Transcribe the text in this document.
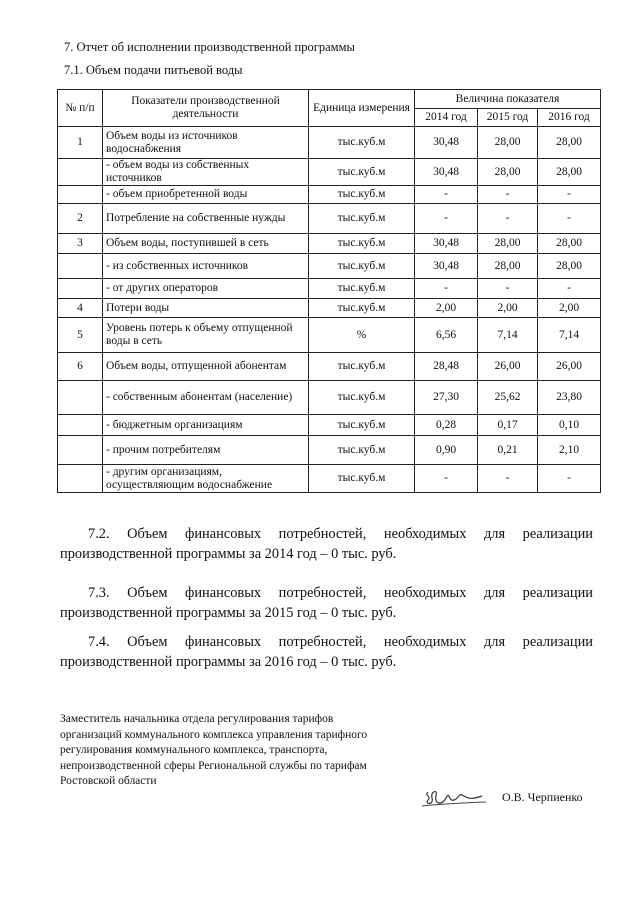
7. Отчет об исполнении производственной программы
7.1. Объем подачи питьевой воды
№ п/п	Показатели производственной деятельности	Единица измерения	Величина показателя		
			2014 год	2015 год	2016 год
1	Объем воды из источников водоснабжения	тыс.куб.м	30,48	28,00	28,00
	- объем воды из собственных источников	тыс.куб.м	30,48	28,00	28,00
	- объем приобретенной воды	тыс.куб.м	-	-	-
2	Потребление на собственные нужды	тыс.куб.м	-	-	-
3	Объем воды, поступившей в сеть	тыс.куб.м	30,48	28,00	28,00
	- из собственных источников	тыс.куб.м	30,48	28,00	28,00
	- от других операторов	тыс.куб.м	-	-	-
4	Потери воды	тыс.куб.м	2,00	2,00	2,00
5	Уровень потерь к объему отпущенной воды в сеть	%	6,56	7,14	7,14
6	Объем воды, отпущенной абонентам	тыс.куб.м	28,48	26,00	26,00
	- собственным абонентам (население)	тыс.куб.м	27,30	25,62	23,80
	- бюджетным организациям	тыс.куб.м	0,28	0,17	0,10
	- прочим потребителям	тыс.куб.м	0,90	0,21	2,10
	- другим организациям, осуществляющим водоснабжение	тыс.куб.м	-	-	-
7.2. Объем финансовых потребностей, необходимых для реализации
производственной программы за 2014 год – 0 тыс. руб.
7.3. Объем финансовых потребностей, необходимых для реализации
производственной программы за 2015 год – 0 тыс. руб.
7.4. Объем финансовых потребностей, необходимых для реализации
производственной программы за 2016 год – 0 тыс. руб.
Заместитель начальника отдела регулирования тарифов
организаций коммунального комплекса управления тарифного
регулирования коммунального комплекса, транспорта,
непроизводственной сферы Региональной службы по тарифам
Ростовской области
О.В. Черпиенко
